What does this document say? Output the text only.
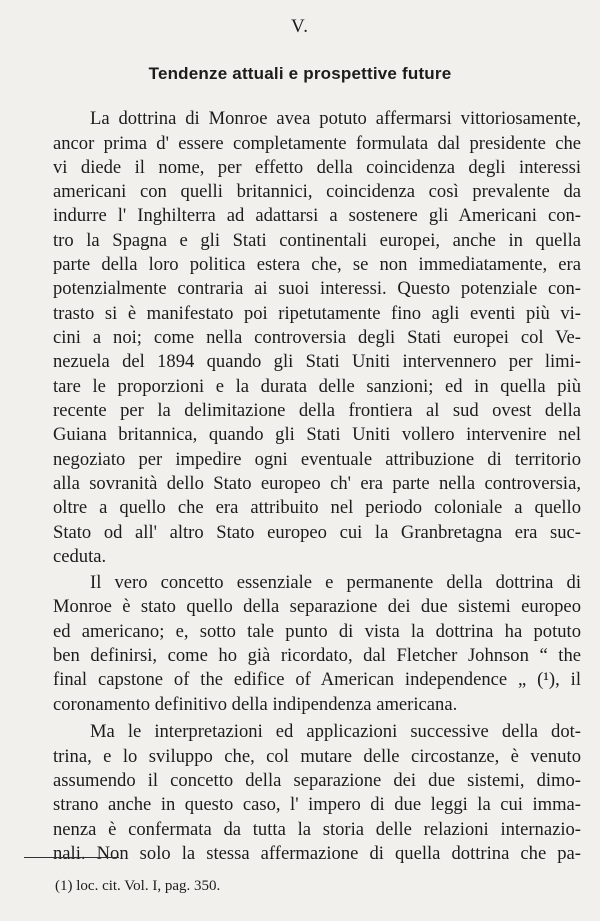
V.
Tendenze attuali e prospettive future
La dottrina di Monroe avea potuto affermarsi vittoriosamente,
ancor prima d' essere completamente formulata dal presidente che
vi diede il nome, per effetto della coincidenza degli interessi
americani con quelli britannici, coincidenza così prevalente da
indurre l' Inghilterra ad adattarsi a sostenere gli Americani con-
tro la Spagna e gli Stati continentali europei, anche in quella
parte della loro politica estera che, se non immediatamente, era
potenzialmente contraria ai suoi interessi. Questo potenziale con-
trasto si è manifestato poi ripetutamente fino agli eventi più vi-
cini a noi; come nella controversia degli Stati europei col Ve-
nezuela del 1894 quando gli Stati Uniti intervennero per limi-
tare le proporzioni e la durata delle sanzioni; ed in quella più
recente per la delimitazione della frontiera al sud ovest della
Guiana britannica, quando gli Stati Uniti vollero intervenire nel
negoziato per impedire ogni eventuale attribuzione di territorio
alla sovranità dello Stato europeo ch' era parte nella controversia,
oltre a quello che era attribuito nel periodo coloniale a quello
Stato od all' altro Stato europeo cui la Granbretagna era suc-
ceduta.
Il vero concetto essenziale e permanente della dottrina di
Monroe è stato quello della separazione dei due sistemi europeo
ed americano; e, sotto tale punto di vista la dottrina ha potuto
ben definirsi, come ho già ricordato, dal Fletcher Johnson “ the
final capstone of the edifice of American independence „ (¹), il
coronamento definitivo della indipendenza americana.
Ma le interpretazioni ed applicazioni successive della dot-
trina, e lo sviluppo che, col mutare delle circostanze, è venuto
assumendo il concetto della separazione dei due sistemi, dimo-
strano anche in questo caso, l' impero di due leggi la cui imma-
nenza è confermata da tutta la storia delle relazioni internazio-
nali. Non solo la stessa affermazione di quella dottrina che pa-
(1) loc. cit. Vol. I, pag. 350.
